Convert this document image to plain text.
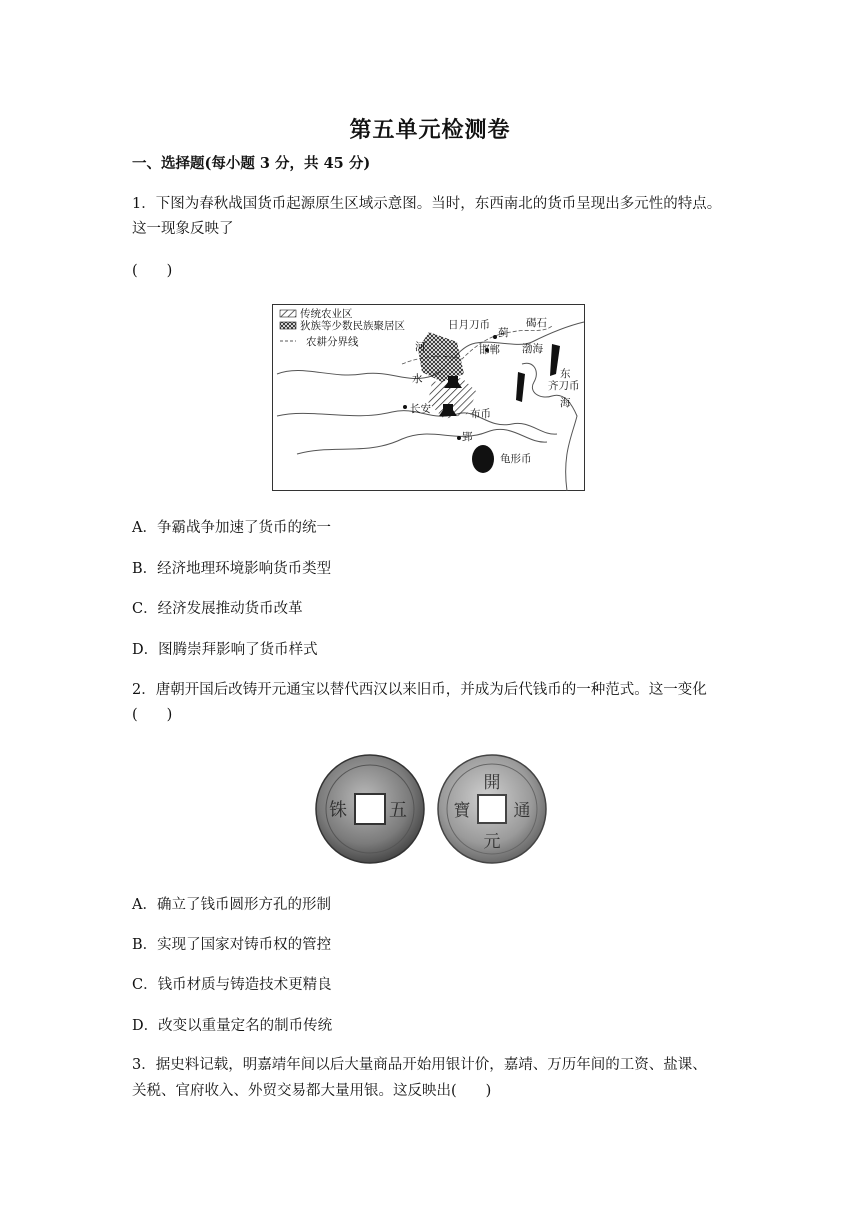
第五单元检测卷
一、选择题(每小题 3 分，共 45 分)
1．下图为春秋战国货币起源原生区域示意图。当时，东西南北的货币呈现出多元性的特点。
这一现象反映了
(　　)
传统农业区
狄族等少数民族聚居区
农耕分界线
日月刀币
蓟
碣石
河	邯郸 渤海
水	东
齐刀币
长安	布币
海
郢
龟形币
A．争霸战争加速了货币的统一
B．经济地理环境影响货币类型
C．经济发展推动货币改革
D．图腾崇拜影响了货币样式
2．唐朝开国后改铸开元通宝以替代西汉以来旧币，并成为后代钱币的一种范式。这一变化
(　　)
五
铢
開
元
通
寶
A．确立了钱币圆形方孔的形制
B．实现了国家对铸币权的管控
C．钱币材质与铸造技术更精良
D．改变以重量定名的制币传统
3．据史料记载，明嘉靖年间以后大量商品开始用银计价，嘉靖、万历年间的工资、盐课、
关税、官府收入、外贸交易都大量用银。这反映出(　　)
